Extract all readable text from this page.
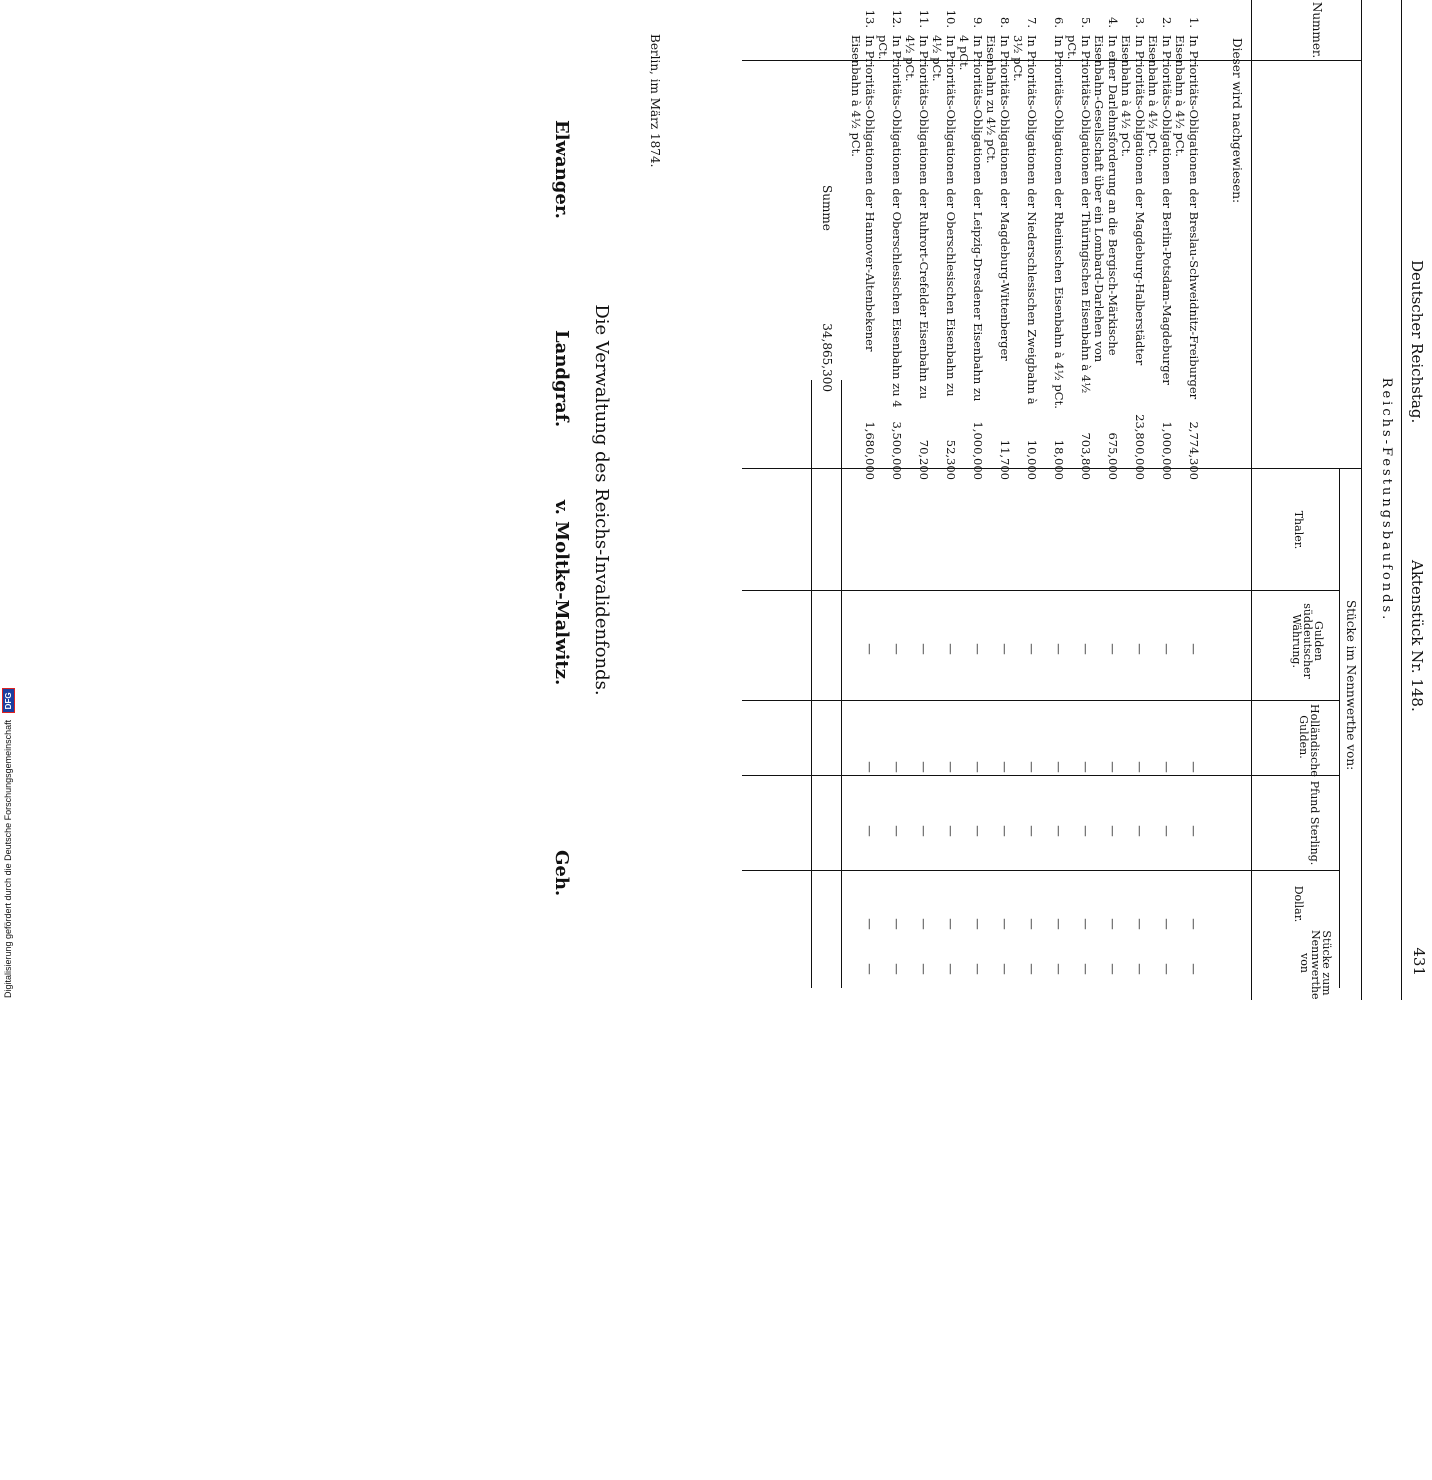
Deutscher Reichstag.
Aktenstück Nr. 148.
431
Reichs-Festungsbaufonds.
Nummer.
Stücke im Nennwerthe von:
Thaler.
Gulden süddeutscher Währung.
Holländische Gulden.
Pfund Sterling.
Dollar.
Stücke zum Nennwerthe von
Dieser wird nachgewiesen:
1.
In Prioritäts-Obligationen der Breslau-Schweidnitz-Freiburger Eisenbahn à 4½ pCt.
2,774,300
—
—
—
—
—
2.
In Prioritäts-Obligationen der Berlin-Potsdam-Magdeburger Eisenbahn à 4½ pCt.
1,000,000
—
—
—
—
—
3.
In Prioritäts-Obligationen der Magdeburg-Halberstädter Eisenbahn à 4½ pCt.
23,800,000
—
—
—
—
—
4.
In einer Darlehnsforderung an die Bergisch-Märkische Eisenbahn-Gesellschaft über ein Lombard-Darlehen von
675,000
—
—
—
—
—
5.
In Prioritäts-Obligationen der Thüringischen Eisenbahn à 4½ pCt.
703,800
—
—
—
—
—
6.
In Prioritäts-Obligationen der Rheinischen Eisenbahn à 4½ pCt.
18,000
—
—
—
—
—
7.
In Prioritäts-Obligationen der Niederschlesischen Zweigbahn à 3½ pCt.
10,000
—
—
—
—
—
8.
In Prioritäts-Obligationen der Magdeburg-Wittenberger Eisenbahn zu 4½ pCt.
11,700
—
—
—
—
—
9.
In Prioritäts-Obligationen der Leipzig-Dresdener Eisenbahn zu 4 pCt.
1,000,000
—
—
—
—
—
10.
In Prioritäts-Obligationen der Oberschlesischen Eisenbahn zu 4½ pCt.
52,300
—
—
—
—
—
11.
In Prioritäts-Obligationen der Ruhrort-Crefelder Eisenbahn zu 4½ pCt.
70,200
—
—
—
—
—
12.
In Prioritäts-Obligationen der Oberschlesischen Eisenbahn zu 4 pCt.
3,500,000
—
—
—
—
—
13.
In Prioritäts-Obligationen der Hannover-Altenbekener Eisenbahn à 4½ pCt.
1,680,000
—
—
—
—
—
Summe
34,865,300
Berlin, im März 1874.
Die Verwaltung des Reichs-Invalidenfonds.
Elwanger.
Landgraf.
v. Moltke-Malwitz.
Geh.
Digitalisierung gefördert durch die Deutsche Forschungsgemeinschaft DFG
